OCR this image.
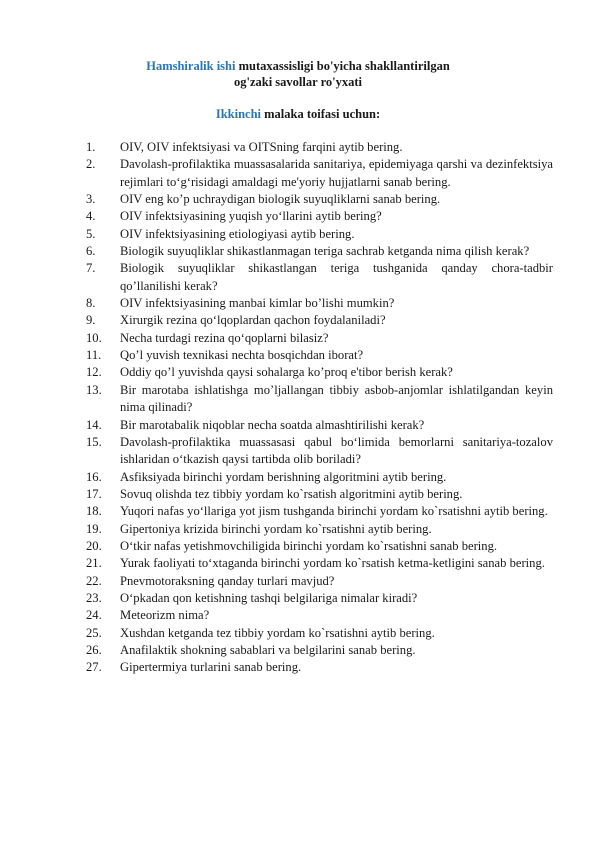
Hamshiralik ishi mutaxassisligi bo'yicha shakllantirilgan
og'zaki savollar ro'yxati
Ikkinchi malaka toifasi uchun:
1.	OIV, OIV infektsiyasi va OITSning farqini aytib bering.
2.	Davolash-profilaktika muassasalarida sanitariya, epidemiyaga qarshi va dezinfektsiya rejimlari to‘g‘risidagi amaldagi me'yoriy hujjatlarni sanab bering.
3.	OIV eng ko’p uchraydigan biologik suyuqliklarni sanab bering.
4.	OIV infektsiyasining yuqish yo‘llarini aytib bering?
5.	OIV infektsiyasining etiologiyasi aytib bering.
6.	Biologik suyuqliklar shikastlanmagan teriga sachrab ketganda nima qilish kerak?
7.	Biologik suyuqliklar shikastlangan teriga tushganida qanday chora-tadbir qo’llanilishi kerak?
8.	OIV infektsiyasining manbai kimlar bo’lishi mumkin?
9.	Xirurgik rezina qo‘lqoplardan qachon foydalaniladi?
10.	Necha turdagi rezina qo‘qoplarni bilasiz?
11.	Qo’l yuvish texnikasi nechta bosqichdan iborat?
12.	Oddiy qo’l yuvishda qaysi sohalarga ko’proq e'tibor berish kerak?
13.	Bir marotaba ishlatishga mo’ljallangan tibbiy asbob-anjomlar ishlatilgandan keyin nima qilinadi?
14.	Bir marotabalik niqoblar necha soatda almashtirilishi kerak?
15.	Davolash-profilaktika muassasasi qabul bo‘limida bemorlarni sanitariya-tozalov ishlaridan o‘tkazish qaysi tartibda olib boriladi?
16.	Asfiksiyada birinchi yordam berishning algoritmini aytib bering.
17.	Sovuq olishda tez tibbiy yordam ko`rsatish algoritmini aytib bering.
18.	Yuqori nafas yo‘llariga yot jism tushganda birinchi yordam ko`rsatishni aytib bering.
19.	Gipertoniya krizida birinchi yordam ko`rsatishni aytib bering.
20.	O‘tkir nafas yetishmovchiligida birinchi yordam ko`rsatishni sanab bering.
21.	Yurak faoliyati to‘xtaganda birinchi yordam ko`rsatish ketma-ketligini sanab bering.
22.	Pnevmotoraksning qanday turlari mavjud?
23.	O‘pkadan qon ketishning tashqi belgilariga nimalar kiradi?
24.	Meteorizm nima?
25.	Xushdan ketganda tez tibbiy yordam ko`rsatishni aytib bering.
26.	Anafilaktik shokning sabablari va belgilarini sanab bering.
27.	Gipertermiya turlarini sanab bering.
